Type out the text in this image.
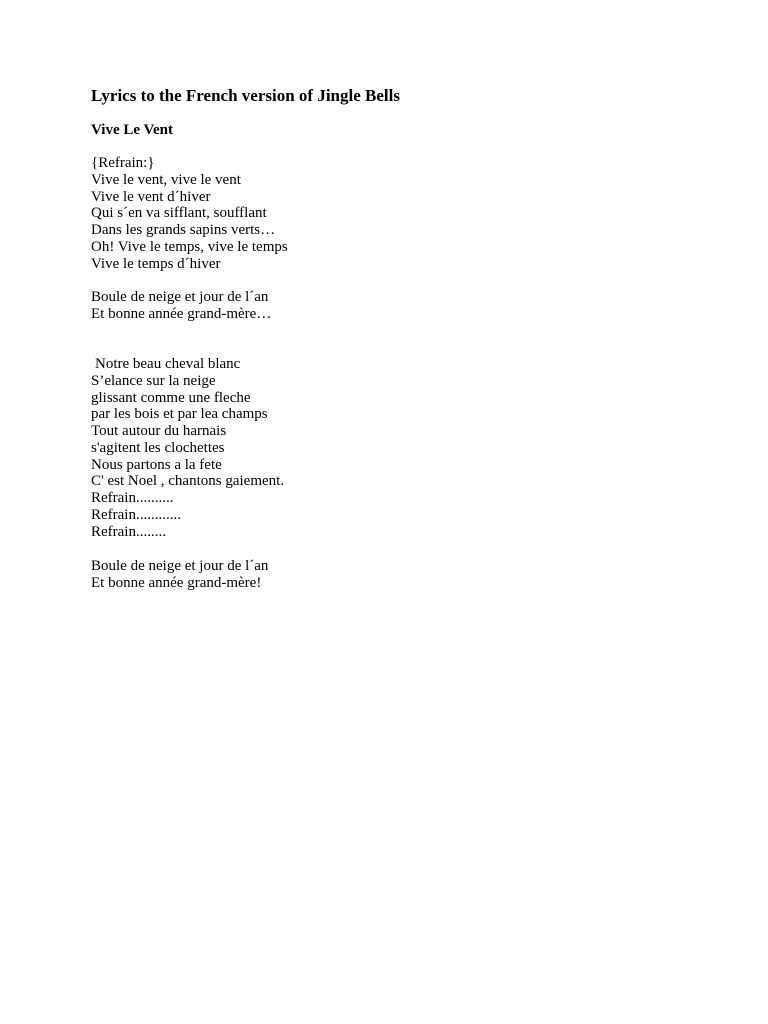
Lyrics to the French version of Jingle Bells
Vive Le Vent
{Refrain:}
Vive le vent, vive le vent
Vive le vent d´hiver
Qui s´en va sifflant, soufflant
Dans les grands sapins verts…
Oh! Vive le temps, vive le temps
Vive le temps d´hiver
Boule de neige et jour de l´an
Et bonne année grand-mère…
Notre beau cheval blanc
S’elance sur la neige
glissant comme une fleche
par les bois et par lea champs
Tout autour du harnais
s'agitent les clochettes
Nous partons a la fete
C' est Noel , chantons gaiement.
Refrain..........
Refrain............
Refrain........
Boule de neige et jour de l´an
Et bonne année grand-mère!
